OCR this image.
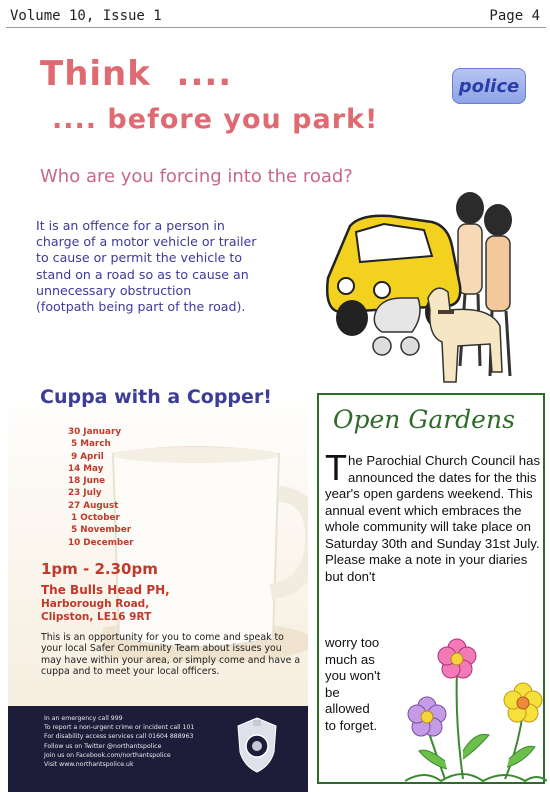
Volume 10, Issue 1	Page 4
Think  ....
.... before you park!
police
Who are you forcing into the road?
It is an offence for a person in
charge of a motor vehicle or trailer
to cause or permit the vehicle to
stand on a road so as to cause an
unnecessary obstruction
(footpath being part of the road).
Cuppa with a Copper!
30 January
5 March
9 April
14 May
18 June
23 July
27 August
1 October
5 November
10 December
1pm - 2.30pm
The Bulls Head PH,
Harborough Road,
Clipston, LE16 9RT
This is an opportunity for you to come and speak to your local Safer Community Team about issues you may have within your area, or simply come and have a cuppa and to meet your local officers.
In an emergency call 999
To report a non-urgent crime or incident call 101
For disability access services call 01604 888963
Follow us on Twitter @northantspolice
Join us on Facebook.com/northantspolice
Visit www.northantspolice.uk
Open Gardens
The Parochial Church Council has announced the dates for the this year's open gardens weekend. This annual event which embraces the whole community will take place on Saturday 30th and Sunday 31st July. Please make a note in your diaries but don't
worry too
much as
you won't
be
allowed
to forget.
